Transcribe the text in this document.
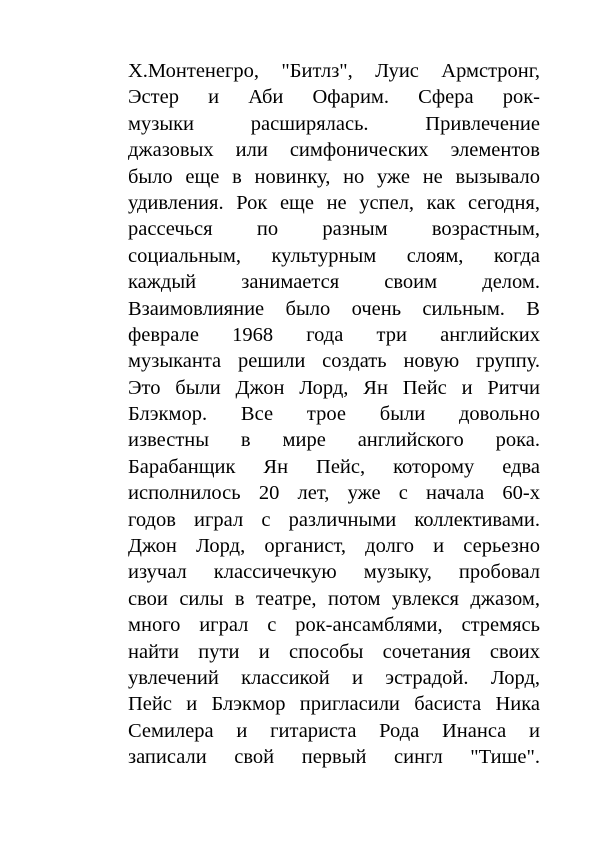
Х.Монтенегро, "Битлз", Луис Армстронг,
Эстер и Аби Офарим. Сфера рок-
музыки расширялась. Привлечение
джазовых или симфонических элементов
было еще в новинку, но уже не вызывало
удивления. Рок еще не успел, как сегодня,
рассечься по разным возрастным,
социальным, культурным слоям, когда
каждый занимается своим делом.
Взаимовлияние было очень сильным. В
феврале 1968 года три английских
музыканта решили создать новую группу.
Это были Джон Лорд, Ян Пейс и Ритчи
Блэкмор. Все трое были довольно
известны в мире английского рока.
Барабанщик Ян Пейс, которому едва
исполнилось 20 лет, уже с начала 60-х
годов играл с различными коллективами.
Джон Лорд, органист, долго и серьезно
изучал классичечкую музыку, пробовал
свои силы в театре, потом увлекся джазом,
много играл с рок-ансамблями, стремясь
найти пути и способы сочетания своих
увлечений классикой и эстрадой. Лорд,
Пейс и Блэкмор пригласили басиста Ника
Семилера и гитариста Рода Инанса и
записали свой первый сингл "Тише".
